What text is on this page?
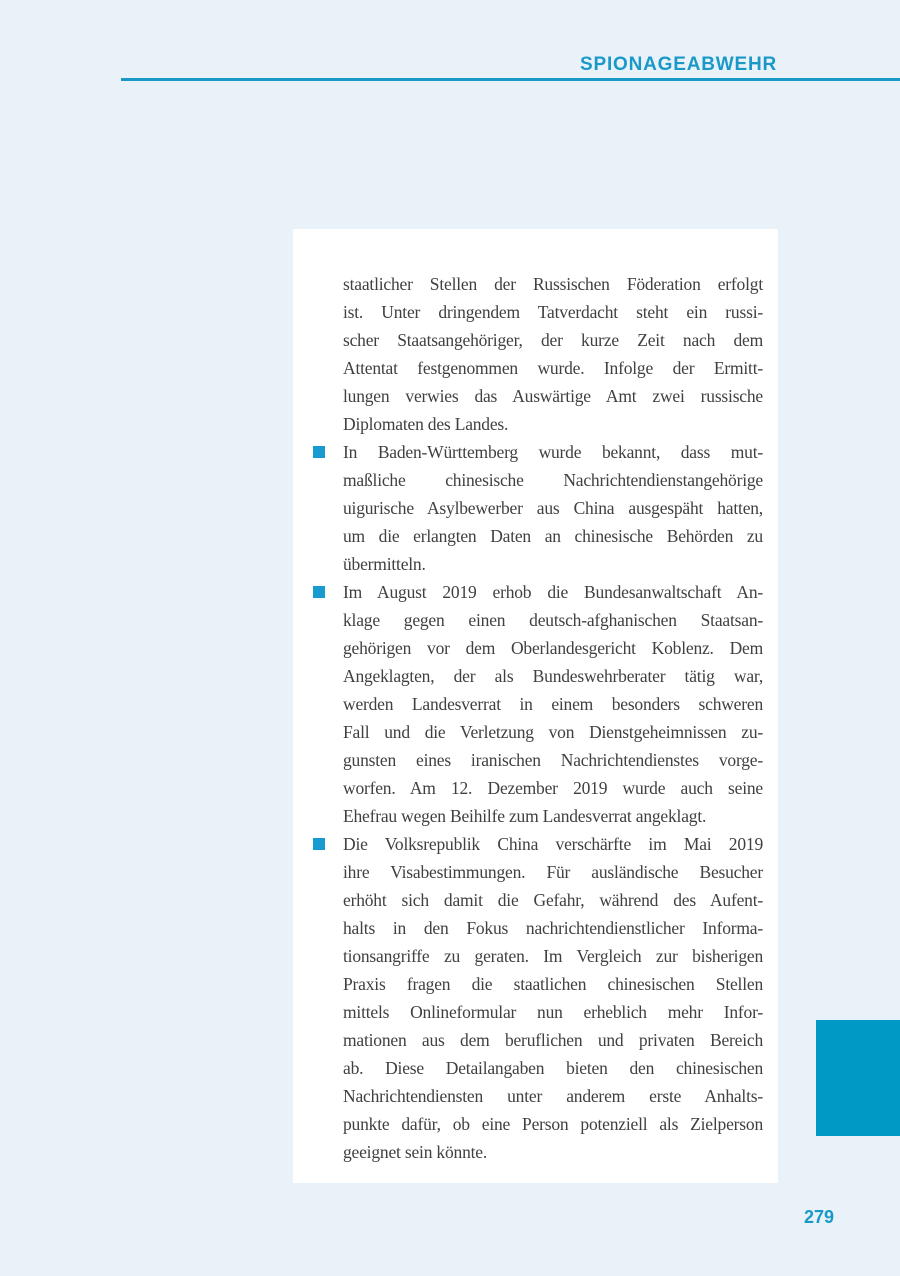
SPIONAGEABWEHR
staatlicher Stellen der Russischen Föderation erfolgt
ist. Unter dringendem Tatverdacht steht ein russi-
scher Staatsangehöriger, der kurze Zeit nach dem
Attentat festgenommen wurde. Infolge der Ermitt-
lungen verwies das Auswärtige Amt zwei russische
Diplomaten des Landes.
In Baden-Württemberg wurde bekannt, dass mut-
maßliche chinesische Nachrichtendienstangehörige
uigurische Asylbewerber aus China ausgespäht hatten,
um die erlangten Daten an chinesische Behörden zu
übermitteln.
Im August 2019 erhob die Bundesanwaltschaft An-
klage gegen einen deutsch-afghanischen Staatsan-
gehörigen vor dem Oberlandesgericht Koblenz. Dem
Angeklagten, der als Bundeswehrberater tätig war,
werden Landesverrat in einem besonders schweren
Fall und die Verletzung von Dienstgeheimnissen zu-
gunsten eines iranischen Nachrichtendienstes vorge-
worfen. Am 12. Dezember 2019 wurde auch seine
Ehefrau wegen Beihilfe zum Landesverrat angeklagt.
Die Volksrepublik China verschärfte im Mai 2019
ihre Visabestimmungen. Für ausländische Besucher
erhöht sich damit die Gefahr, während des Aufent-
halts in den Fokus nachrichtendienstlicher Informa-
tionsangriffe zu geraten. Im Vergleich zur bisherigen
Praxis fragen die staatlichen chinesischen Stellen
mittels Onlineformular nun erheblich mehr Infor-
mationen aus dem beruflichen und privaten Bereich
ab. Diese Detailangaben bieten den chinesischen
Nachrichtendiensten unter anderem erste Anhalts-
punkte dafür, ob eine Person potenziell als Zielperson
geeignet sein könnte.
279
